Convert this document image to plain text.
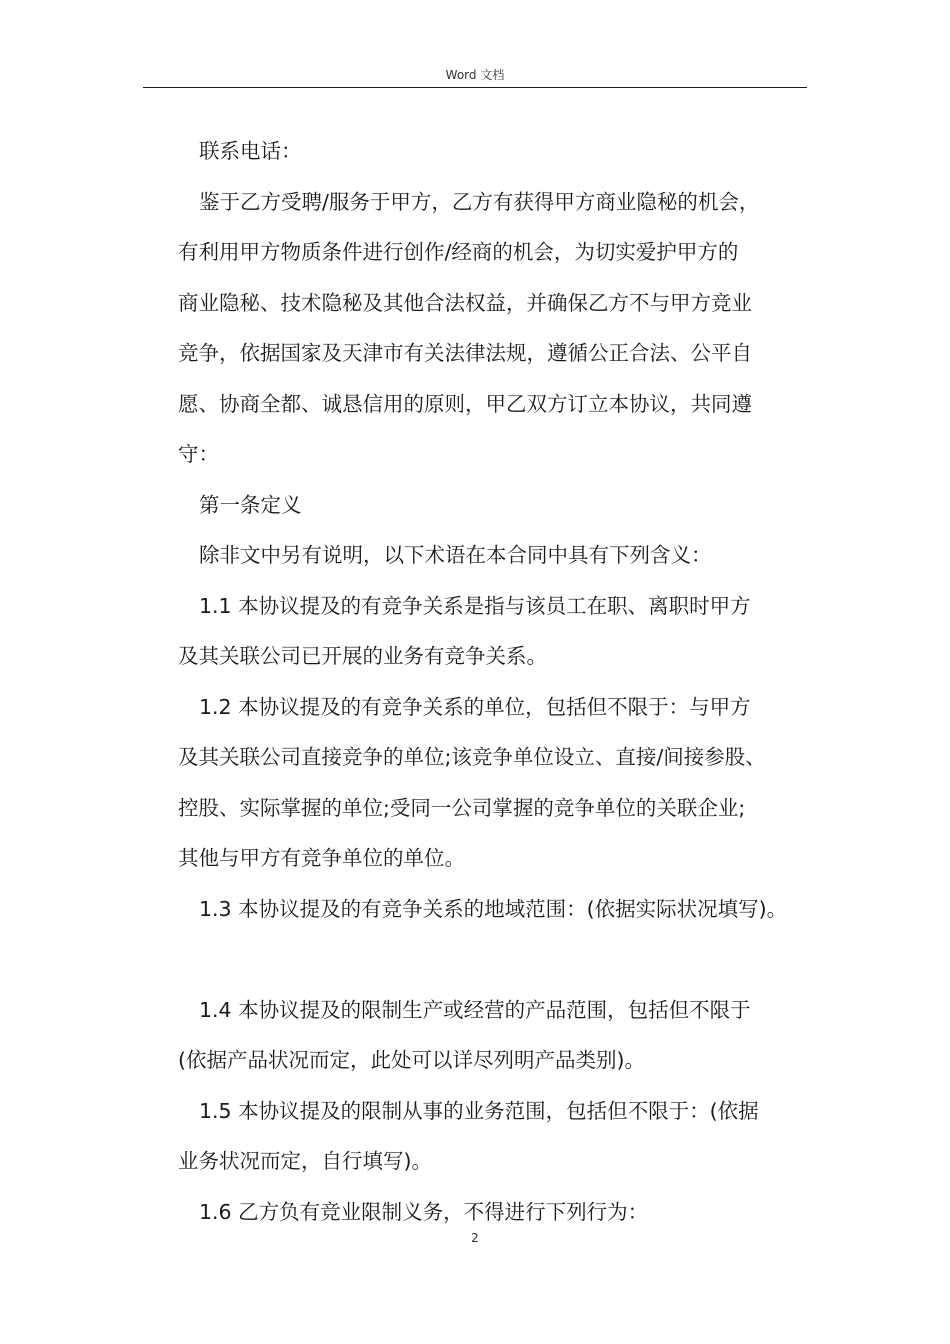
Word 文档
联系电话：
鉴于乙方受聘/服务于甲方，乙方有获得甲方商业隐秘的机会，
有利用甲方物质条件进行创作/经商的机会，为切实爱护甲方的
商业隐秘、技术隐秘及其他合法权益，并确保乙方不与甲方竞业
竞争，依据国家及天津市有关法律法规，遵循公正合法、公平自
愿、协商全都、诚恳信用的原则，甲乙双方订立本协议，共同遵
守：
第一条定义
除非文中另有说明，以下术语在本合同中具有下列含义：
1.1 本协议提及的有竞争关系是指与该员工在职、离职时甲方
及其关联公司已开展的业务有竞争关系。
1.2 本协议提及的有竞争关系的单位，包括但不限于：与甲方
及其关联公司直接竞争的单位;该竞争单位设立、直接/间接参股、
控股、实际掌握的单位;受同一公司掌握的竞争单位的关联企业;
其他与甲方有竞争单位的单位。
1.3 本协议提及的有竞争关系的地域范围：(依据实际状况填写)。
1.4 本协议提及的限制生产或经营的产品范围，包括但不限于
(依据产品状况而定，此处可以详尽列明产品类别)。
1.5 本协议提及的限制从事的业务范围，包括但不限于：(依据
业务状况而定，自行填写)。
1.6 乙方负有竞业限制义务，不得进行下列行为：
2
